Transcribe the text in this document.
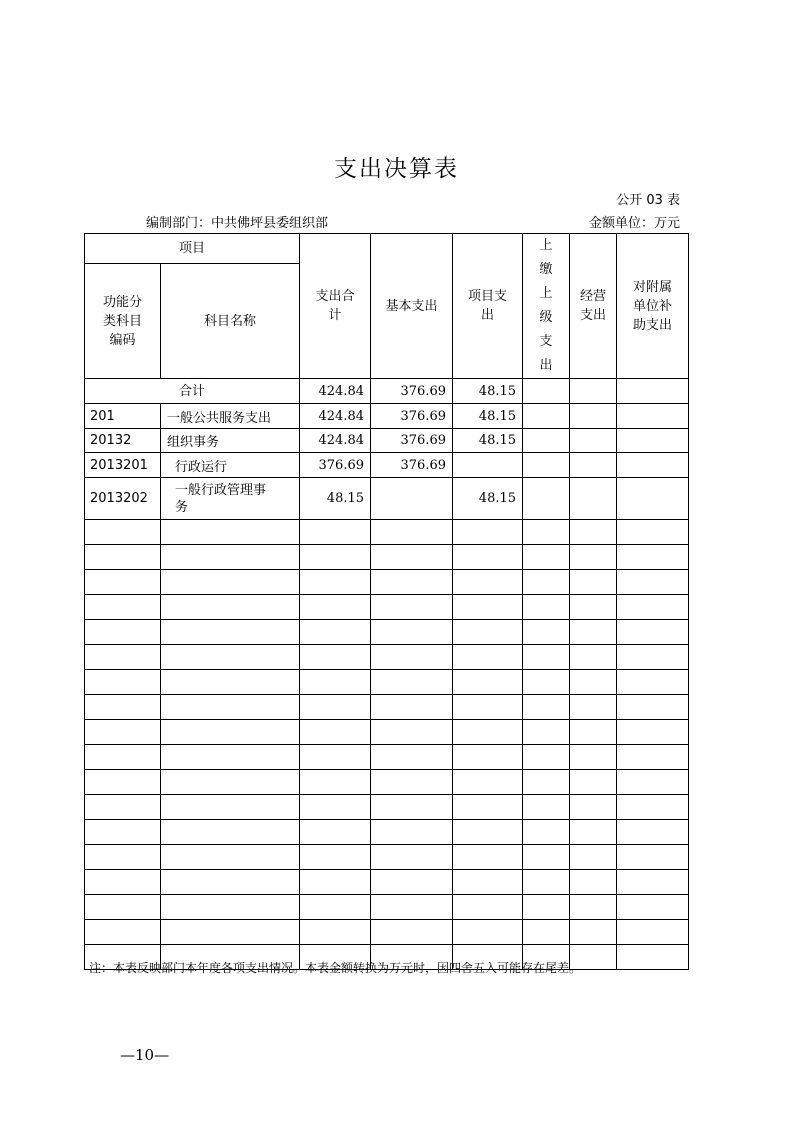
支出决算表
公开 03 表
编制部门：中共佛坪县委组织部	金额单位：万元
项目		支出合计	基本支出	项目支出	上缴上级支出	经营支出	对附属单位补助支出

功能分类科目编码	科目名称						
合计		424.84	376.69	48.15			
201	一般公共服务支出	424.84	376.69	48.15			
20132	组织事务	424.84	376.69	48.15			
2013201	行政运行	376.69	376.69				
2013202	一般行政管理事务	48.15		48.15			

注：本表反映部门本年度各项支出情况。本表金额转换为万元时，因四舍五入可能存在尾差。
—10—
